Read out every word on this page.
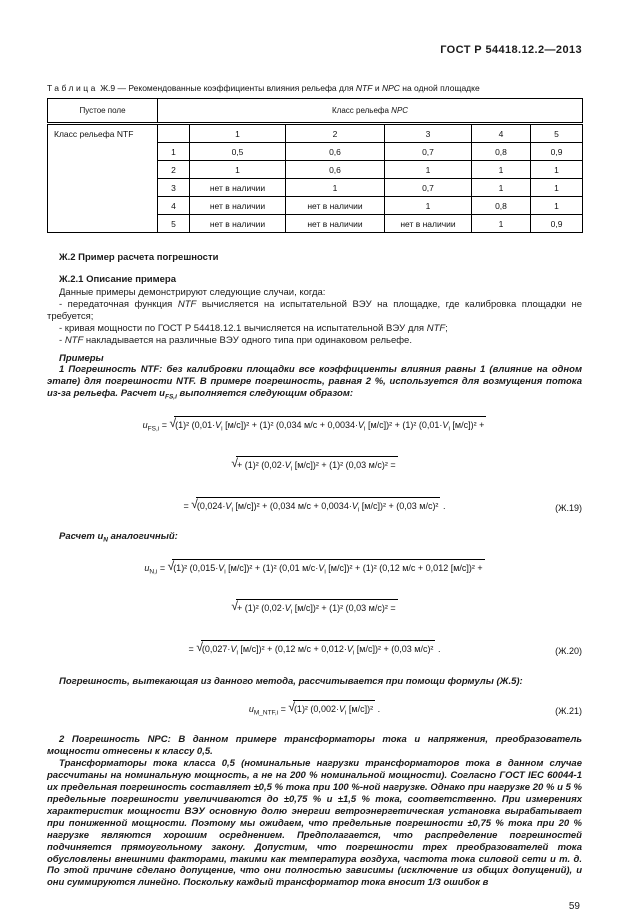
ГОСТ Р 54418.12.2—2013
Таблица Ж.9 — Рекомендованные коэффициенты влияния рельефа для NTF и NPC на одной площадке
Пустое поле	Класс рельефа NPC					
Класс рельефа NTF		1	2	3	4	5
	1	0,5	0,6	0,7	0,8	0,9
	2	1	0,6	1	1	1
	3	нет в наличии	1	0,7	1	1
	4	нет в наличии	нет в наличии	1	0,8	1
	5	нет в наличии	нет в наличии	нет в наличии	1	0,9
Ж.2 Пример расчета погрешности
Ж.2.1 Описание примера

Данные примеры демонстрируют следующие случаи, когда:

- передаточная функция NTF вычисляется на испытательной ВЭУ на площадке, где калибровка площадки не требуется;

- кривая мощности по ГОСТ Р 54418.12.1 вычисляется на испытательной ВЭУ для NTF;

- NTF накладывается на различные ВЭУ одного типа при одинаковом рельефе.

Примеры

1 Погрешность NTF: без калибровки площадки все коэффициенты влияния равны 1 (влияние на одном этапе) для погрешности NTF. В примере погрешность, равная 2 %, используется для возмущения потока из-за рельефа. Расчет $u_{FS,i}$ выполняется следующим образом:

$u_{FS,i} = √(1)^2$ ($0,01\cdot V_i$ [м/с])² + (1)² (0,034 $м/с + 0,0034\cdot V_i$ [м/с])² + (1)² ($0,01\cdot V_i$ [м/с])² +
√+ (1)² ($0,02\cdot V_i$ [м/с])² + (1)² (0,03 м/с)² =
= $√(0,024\cdot V_i$ [м/с])² + (0,034 $м/с + 0,0034\cdot V_i$ [м/с])² + (0,03 м/с)² .	(Ж.19)

Расчет $u_N$ аналогичный:

$u_{N,i} = √(1)^2$ ($0,015\cdot V_i$ [м/с])² + (1)² (0,01 $м/с\cdot V_i$ [м/с])² + (1)² (0,12 м/с + 0,012 [м/с])² +
√+ (1)² ($0,02\cdot V_i$ [м/с])² + (1)² (0,03 м/с)² =
= $√(0,027\cdot V_i$ [м/с])² + (0,12 $м/с + 0,012\cdot V_i$ [м/с])² + (0,03 м/с)² .	(Ж.20)

Погрешность, вытекающая из данного метода, рассчитывается при помощи формулы (Ж.5):

$u_{M\_NTF,i} = √(1)^2$ ($0,002\cdot V_i$ [м/с])² .	(Ж.21)

2 Погрешность NPC: В данном примере трансформаторы тока и напряжения, преобразователь мощности отнесены к классу 0,5.

Трансформаторы тока класса 0,5 (номинальные нагрузки трансформаторов тока в данном случае рассчитаны на номинальную мощность, а не на 200 % номинальной мощности). Согласно ГОСТ IEC 60044-1 их предельная погрешность составляет ±0,5 % тока при 100 %-ной нагрузке. Однако при нагрузке 20 % и 5 % предельные погрешности увеличиваются до ±0,75 % и ±1,5 % тока, соответственно. При измерениях характеристик мощности ВЭУ основную долю энергии ветроэнергетическая установка вырабатывает при пониженной мощности. Поэтому мы ожидаем, что предельные погрешности ±0,75 % тока при 20 % нагрузке являются хорошим осреднением. Предполагается, что распределение погрешностей подчиняется прямоугольному закону. Допустим, что погрешности трех преобразователей тока обусловлены внешними факторами, такими как температура воздуха, частота тока силовой сети и т. д. По этой причине сделано допущение, что они полностью зависимы (исключение из общих допущений), и они суммируются линейно. Поскольку каждый трансформатор тока вносит 1/3 ошибок в

59
